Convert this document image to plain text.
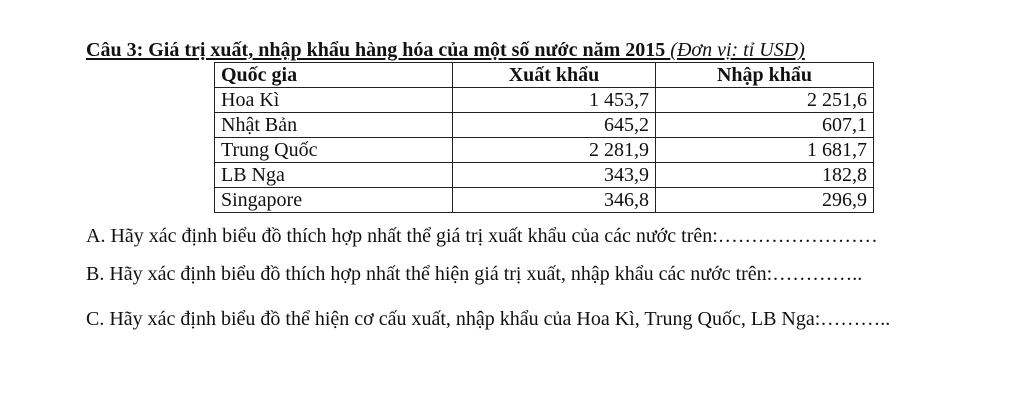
Câu 3: Giá trị xuất, nhập khẩu hàng hóa của một số nước năm 2015 (Đơn vị: tỉ USD)
Quốc gia	Xuất khẩu	Nhập khẩu
Hoa Kì	1 453,7	2 251,6
Nhật Bản	645,2	607,1
Trung Quốc	2 281,9	1 681,7
LB Nga	343,9	182,8
Singapore	346,8	296,9
A. Hãy xác định biểu đồ thích hợp nhất thể giá trị xuất khẩu của các nước trên:……………………
B. Hãy xác định biểu đồ thích hợp nhất thể hiện giá trị xuất, nhập khẩu các nước trên:…………..
C. Hãy xác định biểu đồ thể hiện cơ cấu xuất, nhập khẩu của Hoa Kì, Trung Quốc, LB Nga:………..
